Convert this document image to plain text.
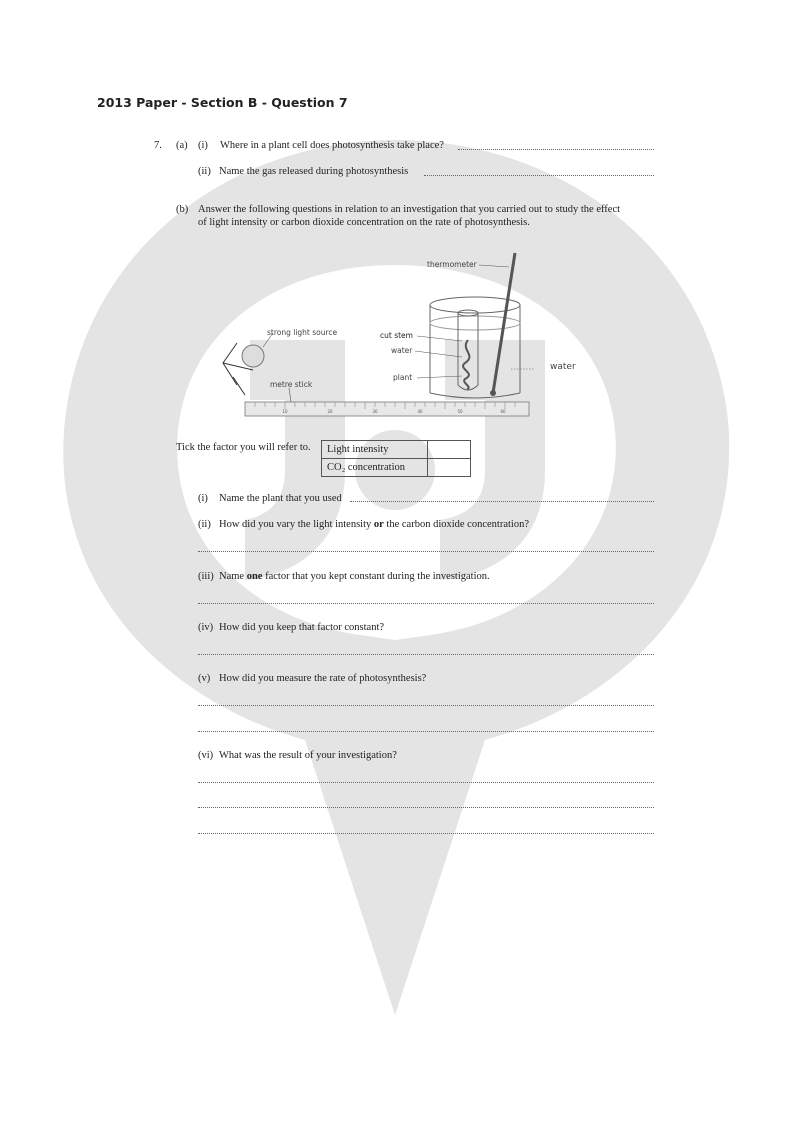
2013 Paper - Section B - Question 7
7. (a) (i) Where in a plant cell does photosynthesis take place?
(ii) Name the gas released during photosynthesis
(b) Answer the following questions in relation to an investigation that you carried out to study the effect
of light intensity or carbon dioxide concentration on the rate of photosynthesis.
10	20	30	40	50	60
strong light source
metre stick
thermometer
cut stem
water
plant
water
Tick the factor you will refer to. Light intensity	
CO₂ concentration	
(i) Name the plant that you used
(ii) How did you vary the light intensity or the carbon dioxide concentration?
(iii) Name one factor that you kept constant during the investigation.
(iv) How did you keep that factor constant?
(v) How did you measure the rate of photosynthesis?
(vi) What was the result of your investigation?
